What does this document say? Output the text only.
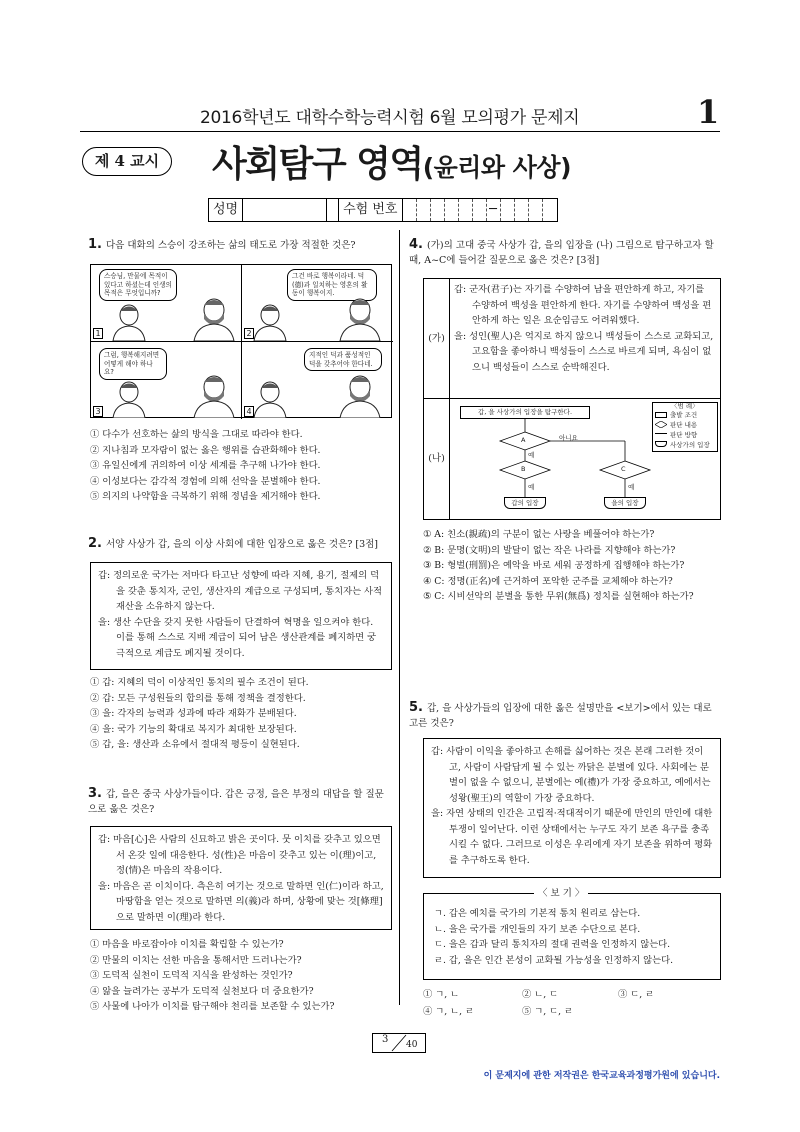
2016학년도 대학수학능력시험 6월 모의평가 문제지	1
제 4 교시	사회탐구 영역(윤리와 사상)
성명	수험 번호	─
1. 다음 대화의 스승이 강조하는 삶의 태도로 가장 적절한 것은?
스승님, 만물에 목적이 있다고 하셨는데 인생의 목적은 무엇입니까?
1
그건 바로 행복이라네. 덕(德)과 일치하는 영혼의 활동이 행복이지.
2
그럼, 행복해지려면 어떻게 해야 하나요?
3
지적인 덕과 품성적인 덕을 갖추어야 한다네.
4
① 다수가 선호하는 삶의 방식을 그대로 따라야 한다.
② 지나침과 모자람이 없는 옳은 행위를 습관화해야 한다.
③ 유일신에게 귀의하여 이상 세계를 추구해 나가야 한다.
④ 이성보다는 감각적 경험에 의해 선악을 분별해야 한다.
⑤ 의지의 나약함을 극복하기 위해 정념을 제거해야 한다.
2. 서양 사상가 갑, 을의 이상 사회에 대한 입장으로 옳은 것은? [3점]
갑: 정의로운 국가는 저마다 타고난 성향에 따라 지혜, 용기, 절제의 덕을 갖춘 통치자, 군인, 생산자의 계급으로 구성되며, 통치자는 사적 재산을 소유하지 않는다.
을: 생산 수단을 갖지 못한 사람들이 단결하여 혁명을 일으켜야 한다. 이를 통해 스스로 지배 계급이 되어 남은 생산관계를 폐지하면 궁극적으로 계급도 폐지될 것이다.
① 갑: 지혜의 덕이 이상적인 통치의 필수 조건이 된다.
② 갑: 모든 구성원들의 합의를 통해 정책을 결정한다.
③ 을: 각자의 능력과 성과에 따라 재화가 분배된다.
④ 을: 국가 기능의 확대로 복지가 최대한 보장된다.
⑤ 갑, 을: 생산과 소유에서 절대적 평등이 실현된다.
3. 갑, 을은 중국 사상가들이다. 갑은 긍정, 을은 부정의 대답을 할 질문으로 옳은 것은?
갑: 마음[心]은 사람의 신묘하고 밝은 곳이다. 뭇 이치를 갖추고 있으면서 온갖 일에 대응한다. 성(性)은 마음이 갖추고 있는 이(理)이고, 정(情)은 마음의 작용이다.
을: 마음은 곧 이치이다. 측은히 여기는 것으로 말하면 인(仁)이라 하고, 마땅함을 얻는 것으로 말하면 의(義)라 하며, 상황에 맞는 것[條理]으로 말하면 이(理)라 한다.
① 마음을 바로잡아야 이치를 확립할 수 있는가?
② 만물의 이치는 선한 마음을 통해서만 드러나는가?
③ 도덕적 실천이 도덕적 지식을 완성하는 것인가?
④ 앎을 늘려가는 공부가 도덕적 실천보다 더 중요한가?
⑤ 사물에 나아가 이치를 탐구해야 천리를 보존할 수 있는가?
4. (가)의 고대 중국 사상가 갑, 을의 입장을 (나) 그림으로 탐구하고자 할 때, A~C에 들어갈 질문으로 옳은 것은? [3점]
(가)
갑: 군자(君子)는 자기를 수양하여 남을 편안하게 하고, 자기를 수양하여 백성을 편안하게 한다. 자기를 수양하여 백성을 편안하게 하는 일은 요순임금도 어려워했다.
을: 성인(聖人)은 억지로 하지 않으니 백성들이 스스로 교화되고, 고요함을 좋아하니 백성들이 스스로 바르게 되며, 욕심이 없으니 백성들이 스스로 순박해진다.
(나)
갑, 을 사상가의 입장을 탐구한다.
A
B	C
아니요
예
예	예
갑의 입장	을의 입장
〈범 례〉
출발 조건
판단 내용
판단 방향
사상가의 입장
① A: 친소(親疏)의 구분이 없는 사랑을 베풀어야 하는가?
② B: 문명(文明)의 발달이 없는 작은 나라를 지향해야 하는가?
③ B: 형벌(刑罰)은 예악을 바로 세워 공정하게 집행해야 하는가?
④ C: 정명(正名)에 근거하여 포악한 군주를 교체해야 하는가?
⑤ C: 시비선악의 분별을 통한 무위(無爲) 정치를 실현해야 하는가?
5. 갑, 을 사상가들의 입장에 대한 옳은 설명만을 <보기>에서 있는 대로 고른 것은?
갑: 사람이 이익을 좋아하고 손해를 싫어하는 것은 본래 그러한 것이고, 사람이 사람답게 될 수 있는 까닭은 분별에 있다. 사회에는 분별이 없을 수 없으니, 분별에는 예(禮)가 가장 중요하고, 예에서는 성왕(聖王)의 역할이 가장 중요하다.
을: 자연 상태의 인간은 고립적·적대적이기 때문에 만인의 만인에 대한 투쟁이 일어난다. 이런 상태에서는 누구도 자기 보존 욕구를 충족시킬 수 없다. 그러므로 이성은 우리에게 자기 보존을 위하여 평화를 추구하도록 한다.
〈 보 기 〉
ㄱ. 갑은 예치를 국가의 기본적 통치 원리로 삼는다.
ㄴ. 을은 국가를 개인들의 자기 보존 수단으로 본다.
ㄷ. 을은 갑과 달리 통치자의 절대 권력을 인정하지 않는다.
ㄹ. 갑, 을은 인간 본성이 교화될 가능성을 인정하지 않는다.
① ㄱ, ㄴ	② ㄴ, ㄷ	③ ㄷ, ㄹ
④ ㄱ, ㄴ, ㄹ	⑤ ㄱ, ㄷ, ㄹ
3 40
이 문제지에 관한 저작권은 한국교육과정평가원에 있습니다.
